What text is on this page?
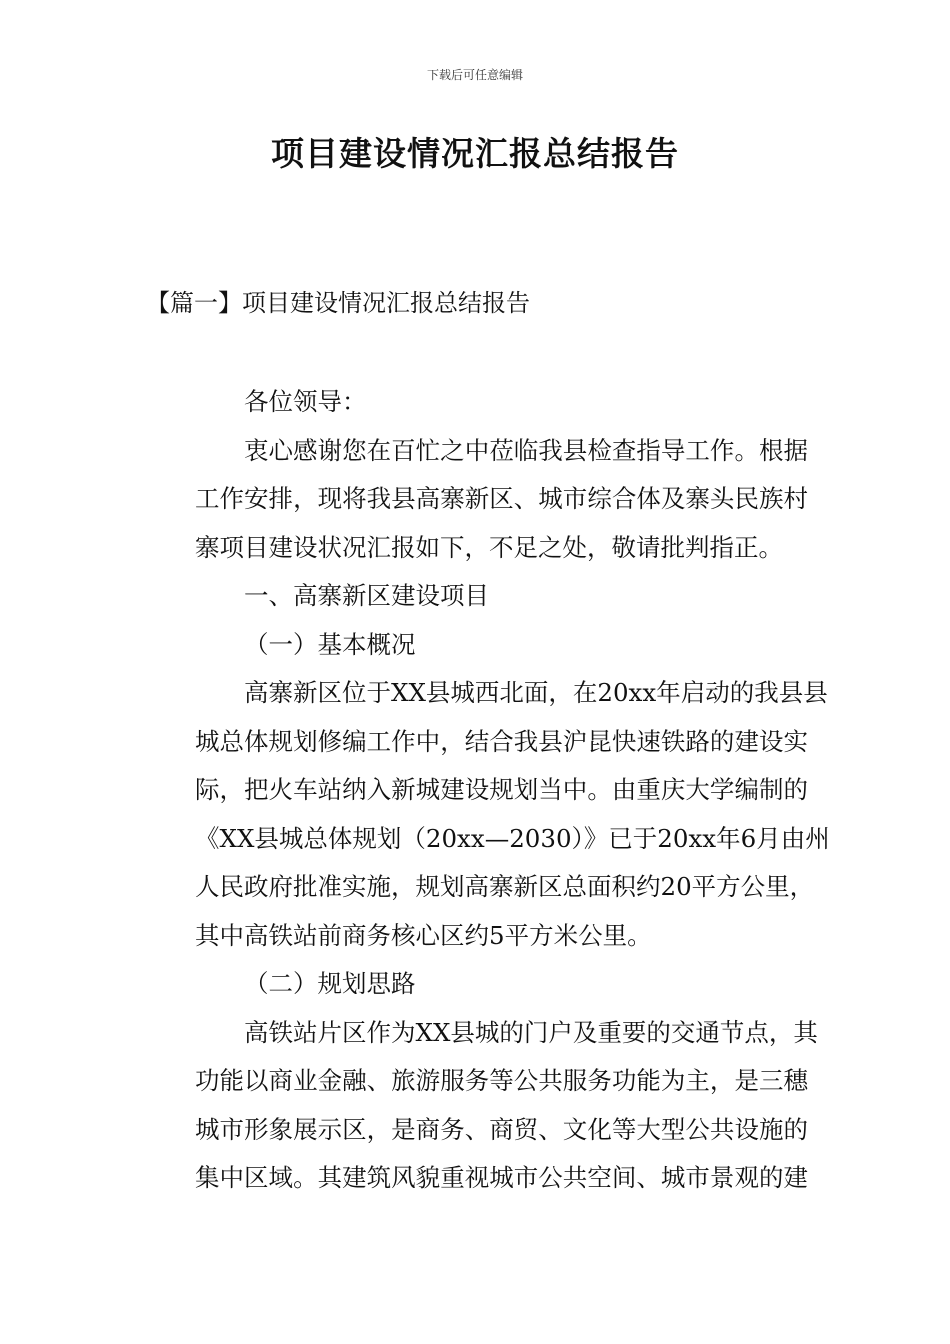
下载后可任意编辑
项目建设情况汇报总结报告
【篇一】项目建设情况汇报总结报告
各位领导：
衷心感谢您在百忙之中莅临我县检查指导工作。根据
工作安排，现将我县高寨新区、城市综合体及寨头民族村
寨项目建设状况汇报如下，不足之处，敬请批判指正。
一、高寨新区建设项目
（一）基本概况
高寨新区位于XX县城西北面，在20xx年启动的我县县
城总体规划修编工作中，结合我县沪昆快速铁路的建设实
际，把火车站纳入新城建设规划当中。由重庆大学编制的
《XX县城总体规划（20xx—2030）》已于20xx年6月由州
人民政府批准实施，规划高寨新区总面积约20平方公里，
其中高铁站前商务核心区约5平方米公里。
（二）规划思路
高铁站片区作为XX县城的门户及重要的交通节点，其
功能以商业金融、旅游服务等公共服务功能为主，是三穗
城市形象展示区，是商务、商贸、文化等大型公共设施的
集中区域。其建筑风貌重视城市公共空间、城市景观的建
